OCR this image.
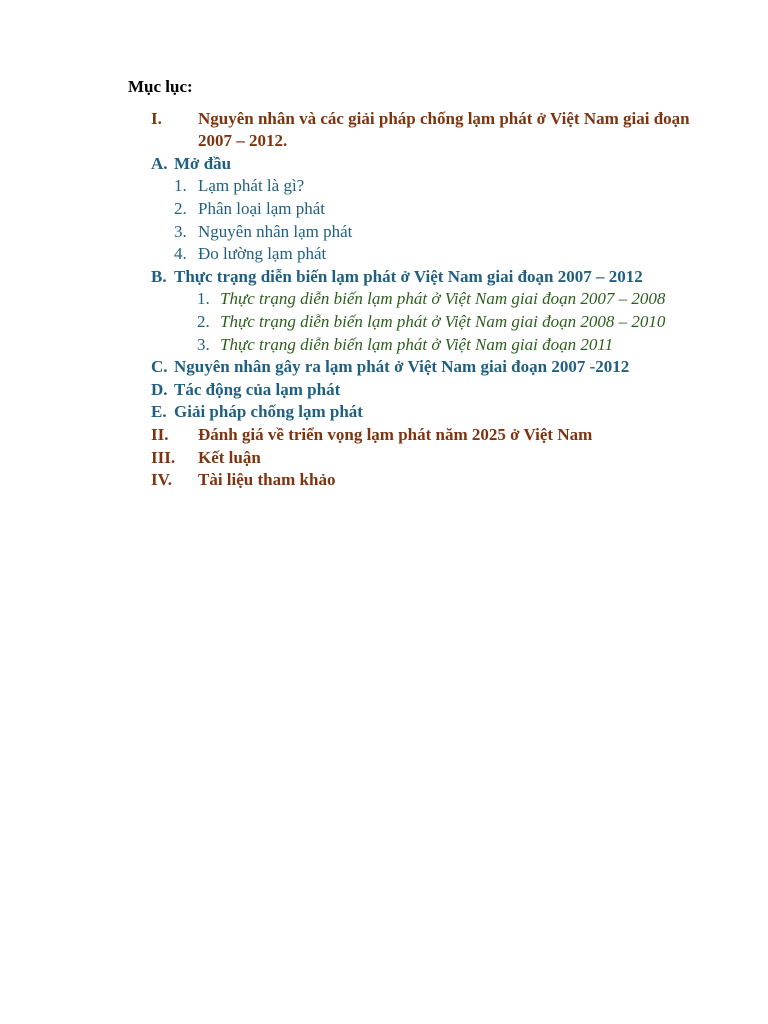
Mục lục:
I.	Nguyên nhân và các giải pháp chống lạm phát ở Việt Nam giai đoạn 2007 – 2012.
A. Mở đầu
1. Lạm phát là gì?
2. Phân loại lạm phát
3. Nguyên nhân lạm phát
4. Đo lường lạm phát
B. Thực trạng diễn biến lạm phát ở Việt Nam giai đoạn 2007 – 2012
1. Thực trạng diễn biến lạm phát ở Việt Nam giai đoạn 2007 – 2008
2. Thực trạng diễn biến lạm phát ở Việt Nam giai đoạn 2008 – 2010
3. Thực trạng diễn biến lạm phát ở Việt Nam giai đoạn 2011
C. Nguyên nhân gây ra lạm phát ở Việt Nam giai đoạn 2007 -2012
D. Tác động của lạm phát
E. Giải pháp chống lạm phát
II.	Đánh giá về triển vọng lạm phát năm 2025 ở Việt Nam
III.	Kết luận
IV.	Tài liệu tham khảo
